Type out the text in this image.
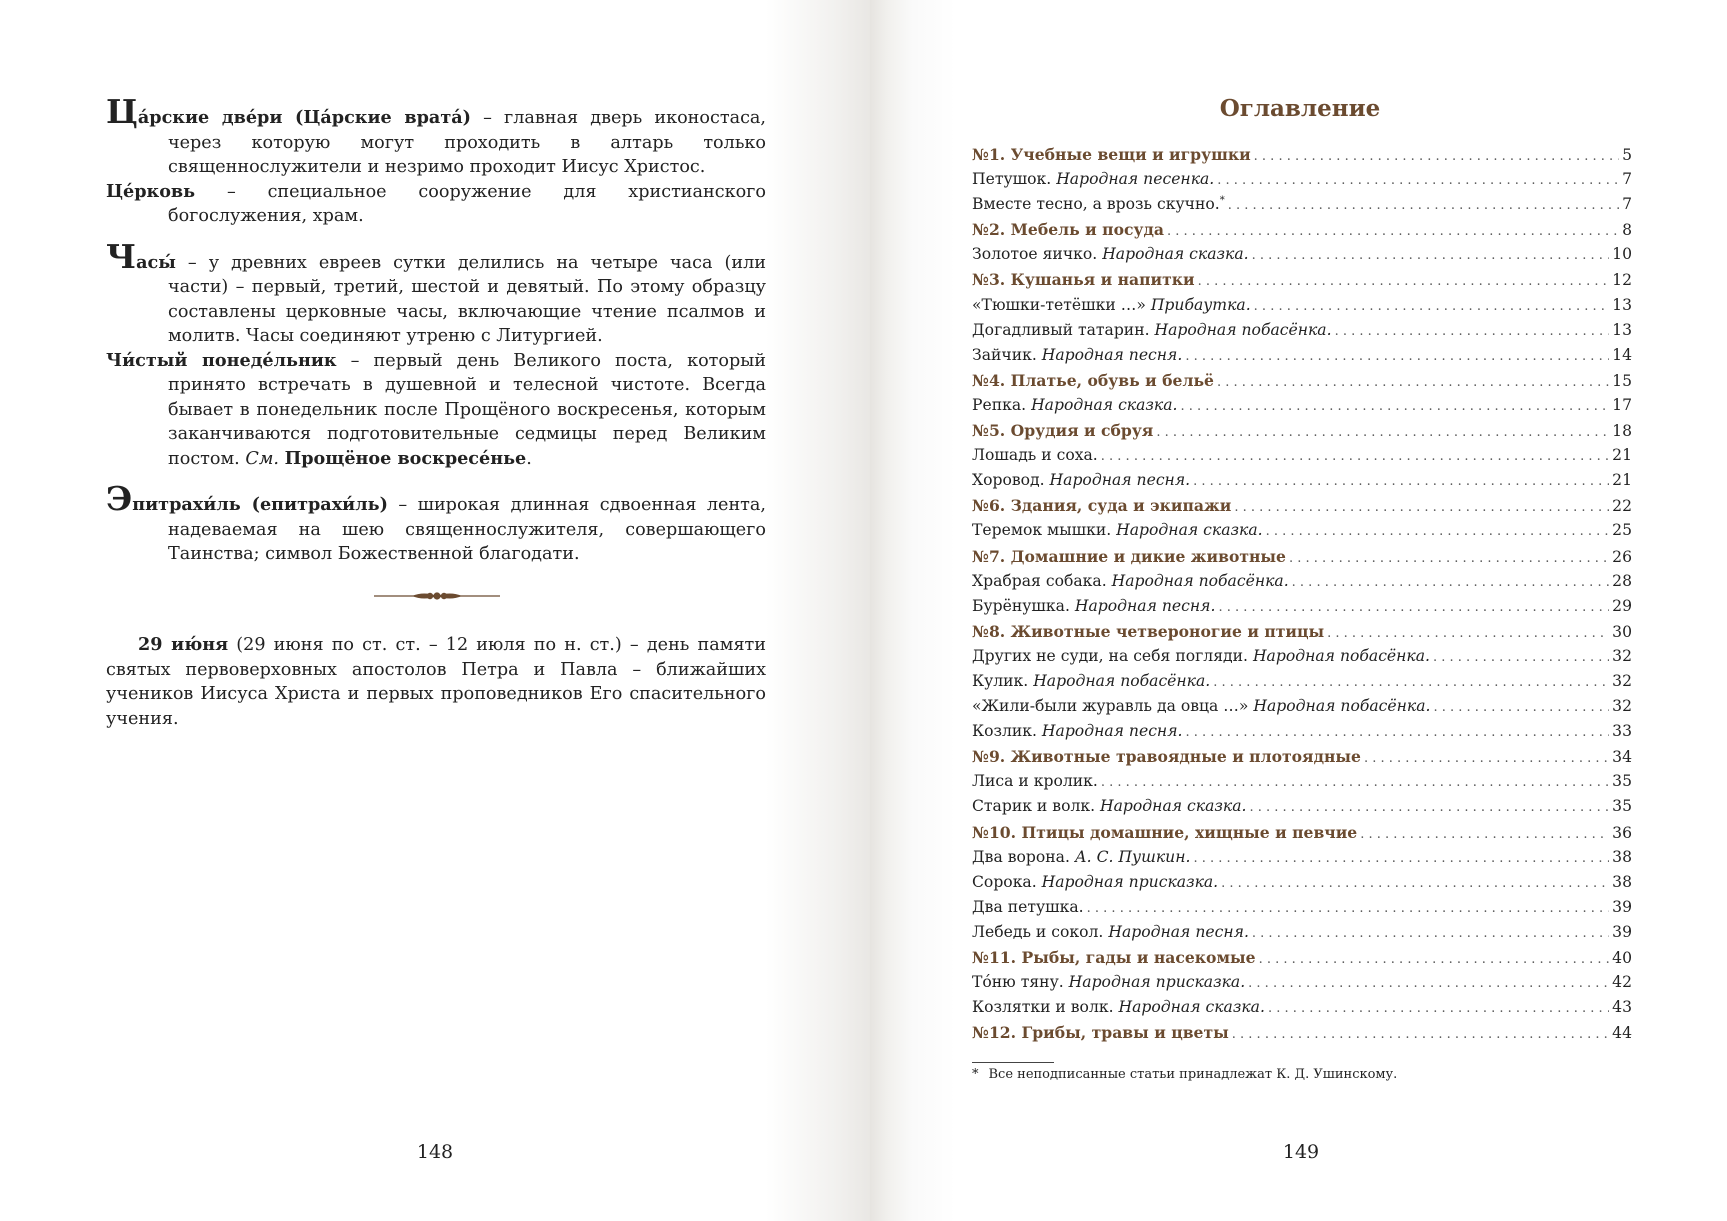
Ца́рские две́ри (Ца́рские врата́) – главная дверь иконостаса, через которую могут проходить в алтарь только священнослужители и незримо проходит Иисус Христос.

Це́рковь – специальное сооружение для христианского богослужения, храм.

Часы́ – у древних евреев сутки делились на четыре часа (или части) – первый, третий, шестой и девятый. По этому образцу составлены церковные часы, включающие чтение псалмов и молитв. Часы соединяют утреню с Литургией.

Чи́стый понеде́льник – первый день Великого поста, который принято встречать в душевной и телесной чистоте. Всегда бывает в понедельник после Прощёного воскресенья, которым заканчиваются подготовительные седмицы перед Великим постом. См. Прощёное воскресе́нье.

Эпитрахи́ль (епитрахи́ль) – широкая длинная сдвоенная лента, надеваемая на шею священнослужителя, совершающего Таинства; символ Божественной благодати.

29 ию́ня (29 июня по ст. ст. – 12 июля по н. ст.) – день памяти святых первоверховных апостолов Петра и Павла – ближайших учеников Иисуса Христа и первых проповедников Его спасительного учения.

148
Оглавление
№1. Учебные вещи и игрушки . . .	5
Петушок. Народная песенка. . . .	7
Вместе тесно, а врозь скучно.* . . .	7
№2. Мебель и посуда . . .	8
Золотое яичко. Народная сказка. . . .	10
№3. Кушанья и напитки . . .	12
«Тюшки-тетёшки …» Прибаутка. . . .	13
Догадливый татарин. Народная побасёнка. . . .	13
Зайчик. Народная песня. . . .	14
№4. Платье, обувь и бельё . . .	15
Репка. Народная сказка. . . .	17
№5. Орудия и сбруя . . .	18
Лошадь и соха. . . .	21
Хоровод. Народная песня. . . .	21
№6. Здания, суда и экипажи . . .	22
Теремок мышки. Народная сказка. . . .	25
№7. Домашние и дикие животные . . .	26
Храбрая собака. Народная побасёнка. . . .	28
Бурёнушка. Народная песня. . . .	29
№8. Животные четвероногие и птицы . . .	30
Других не суди, на себя погляди. Народная побасёнка. . . .	32
Кулик. Народная побасёнка. . . .	32
«Жили-были журавль да овца …» Народная побасёнка. . . .	32
Козлик. Народная песня. . . .	33
№9. Животные травоядные и плотоядные . . .	34
Лиса и кролик. . . .	35
Старик и волк. Народная сказка. . . .	35
№10. Птицы домашние, хищные и певчие . . .	36
Два ворона. А. С. Пушкин. . . .	38
Сорока. Народная присказка. . . .	38
Два петушка. . . .	39
Лебедь и сокол. Народная песня. . . .	39
№11. Рыбы, гады и насекомые . . .	40
То́ню тяну. Народная присказка. . . .	42
Козлятки и волк. Народная сказка. . . .	43
№12. Грибы, травы и цветы . . .	44

* Все неподписанные статьи принадлежат К. Д. Ушинскому.

149
